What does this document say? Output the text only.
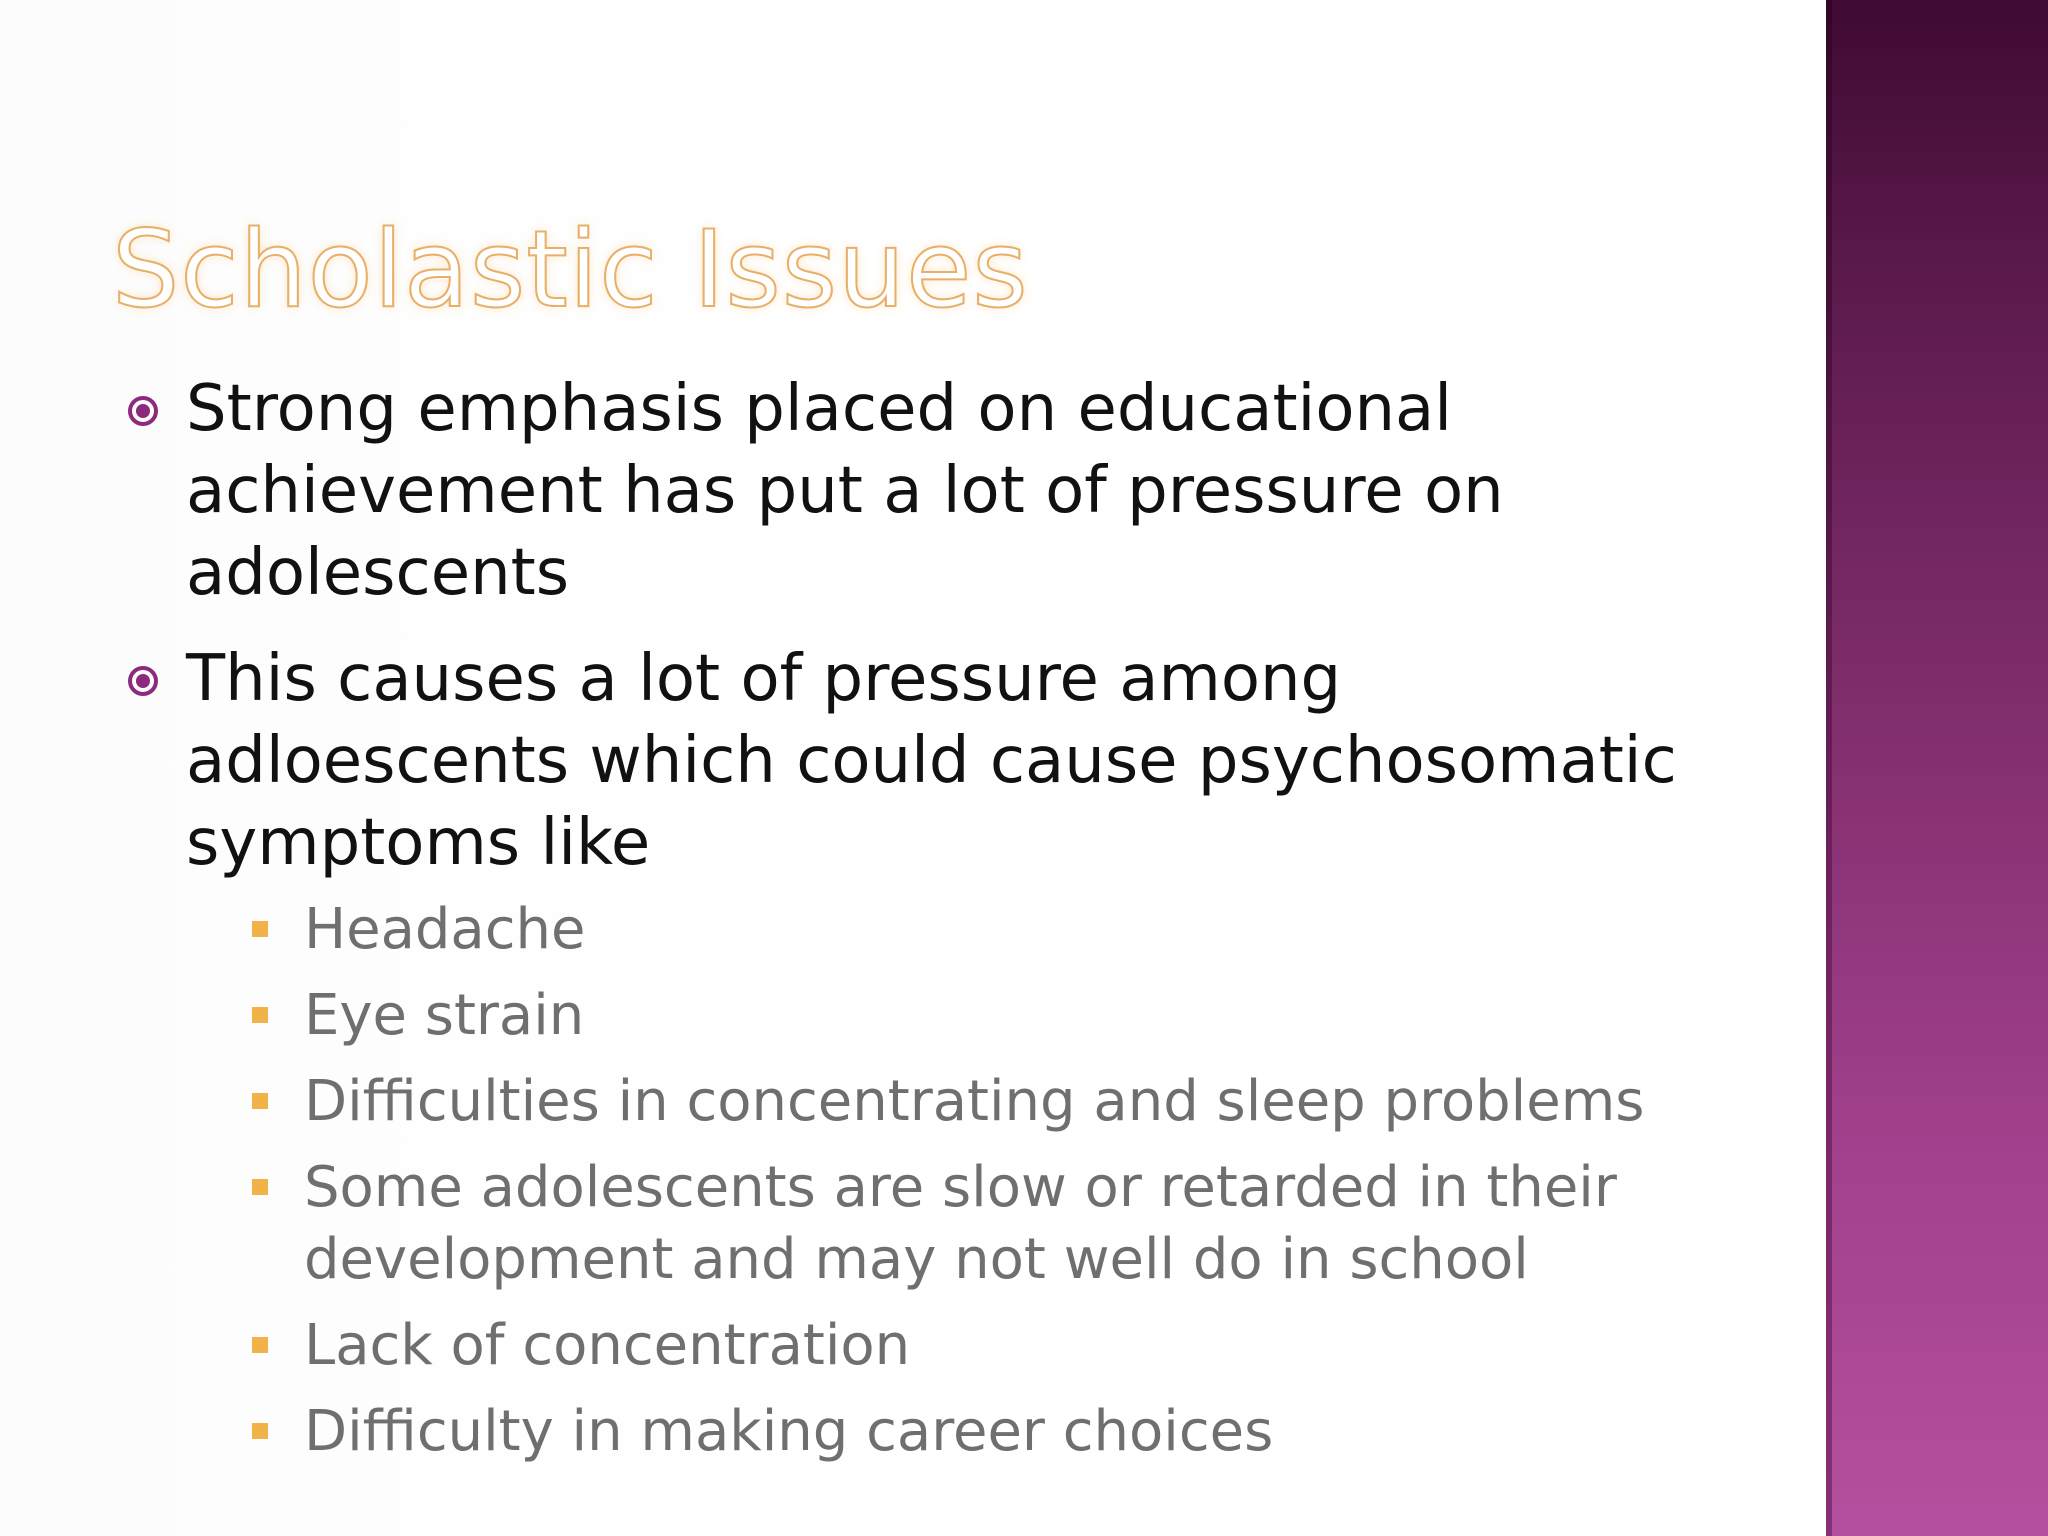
Scholastic Issues
Strong emphasis placed on educational achievement has put a lot of pressure on adolescents
This causes a lot of pressure among adloescents which could cause psychosomatic symptoms like
Headache
Eye strain
Difficulties in concentrating and sleep problems
Some adolescents are slow or retarded in their development and may not well do in school
Lack of concentration
Difficulty in making career choices
